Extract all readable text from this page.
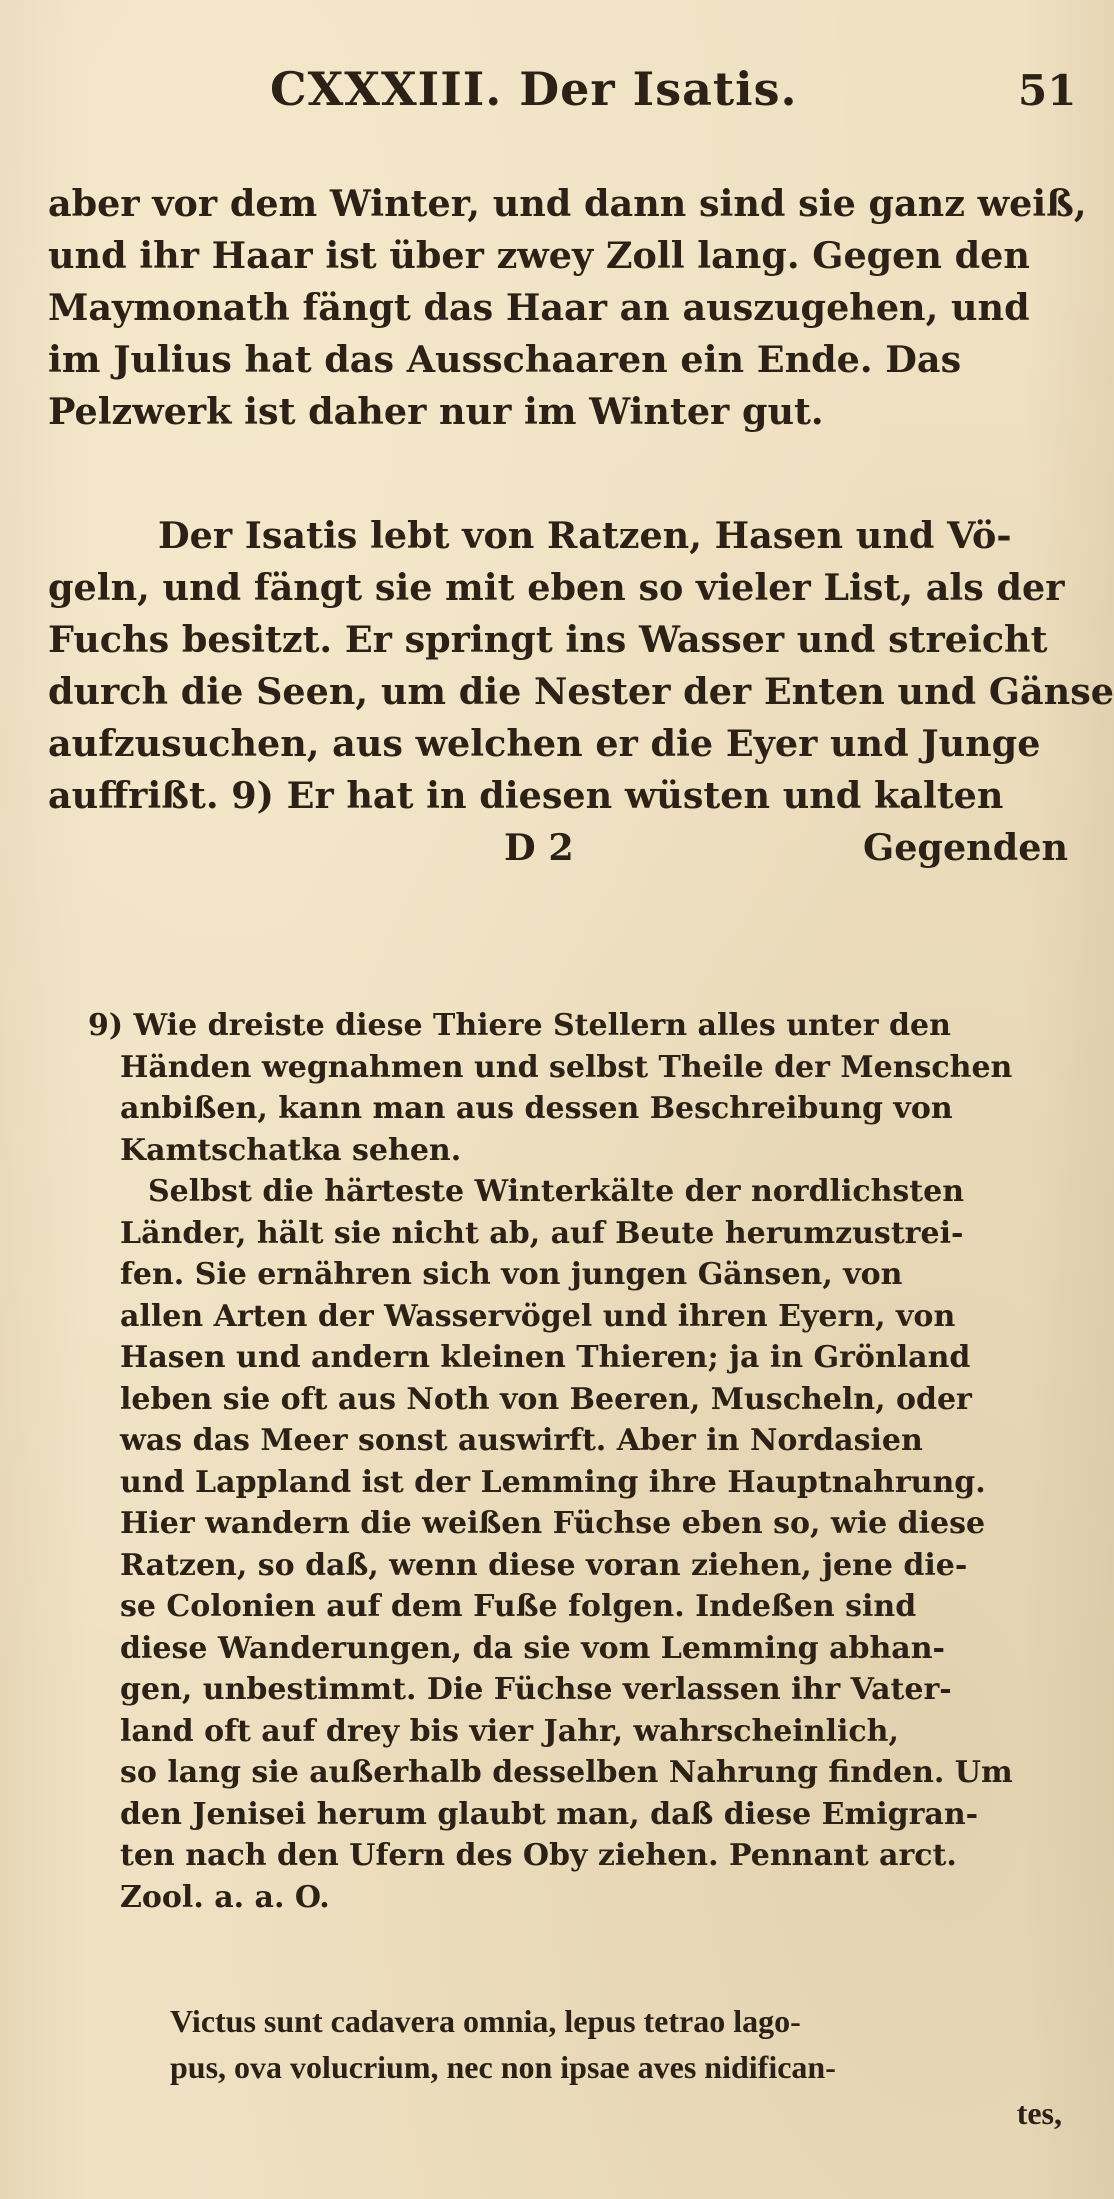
CXXXIII. Der Isatis.	51
aber vor dem Winter, und dann sind sie ganz weiß,
und ihr Haar ist über zwey Zoll lang. Gegen den
Maymonath fängt das Haar an auszugehen, und
im Julius hat das Ausschaaren ein Ende. Das
Pelzwerk ist daher nur im Winter gut.
Der Isatis lebt von Ratzen, Hasen und Vö-
geln, und fängt sie mit eben so vieler List, als der
Fuchs besitzt. Er springt ins Wasser und streicht
durch die Seen, um die Nester der Enten und Gänse
aufzusuchen, aus welchen er die Eyer und Junge
auffrißt. 9) Er hat in diesen wüsten und kalten
D 2	Gegenden
9) Wie dreiste diese Thiere Stellern alles unter den
Händen wegnahmen und selbst Theile der Menschen
anbißen, kann man aus dessen Beschreibung von
Kamtschatka sehen.
Selbst die härteste Winterkälte der nordlichsten
Länder, hält sie nicht ab, auf Beute herumzustrei-
fen. Sie ernähren sich von jungen Gänsen, von
allen Arten der Wasservögel und ihren Eyern, von
Hasen und andern kleinen Thieren; ja in Grönland
leben sie oft aus Noth von Beeren, Muscheln, oder
was das Meer sonst auswirft. Aber in Nordasien
und Lappland ist der Lemming ihre Hauptnahrung.
Hier wandern die weißen Füchse eben so, wie diese
Ratzen, so daß, wenn diese voran ziehen, jene die-
se Colonien auf dem Fuße folgen. Indeßen sind
diese Wanderungen, da sie vom Lemming abhan-
gen, unbestimmt. Die Füchse verlassen ihr Vater-
land oft auf drey bis vier Jahr, wahrscheinlich,
so lang sie außerhalb desselben Nahrung finden. Um
den Jenisei herum glaubt man, daß diese Emigran-
ten nach den Ufern des Oby ziehen. Pennant arct.
Zool. a. a. O.
Victus sunt cadavera omnia, lepus tetrao lago-
pus, ova volucrium, nec non ipsae aves nidifican-
tes,
